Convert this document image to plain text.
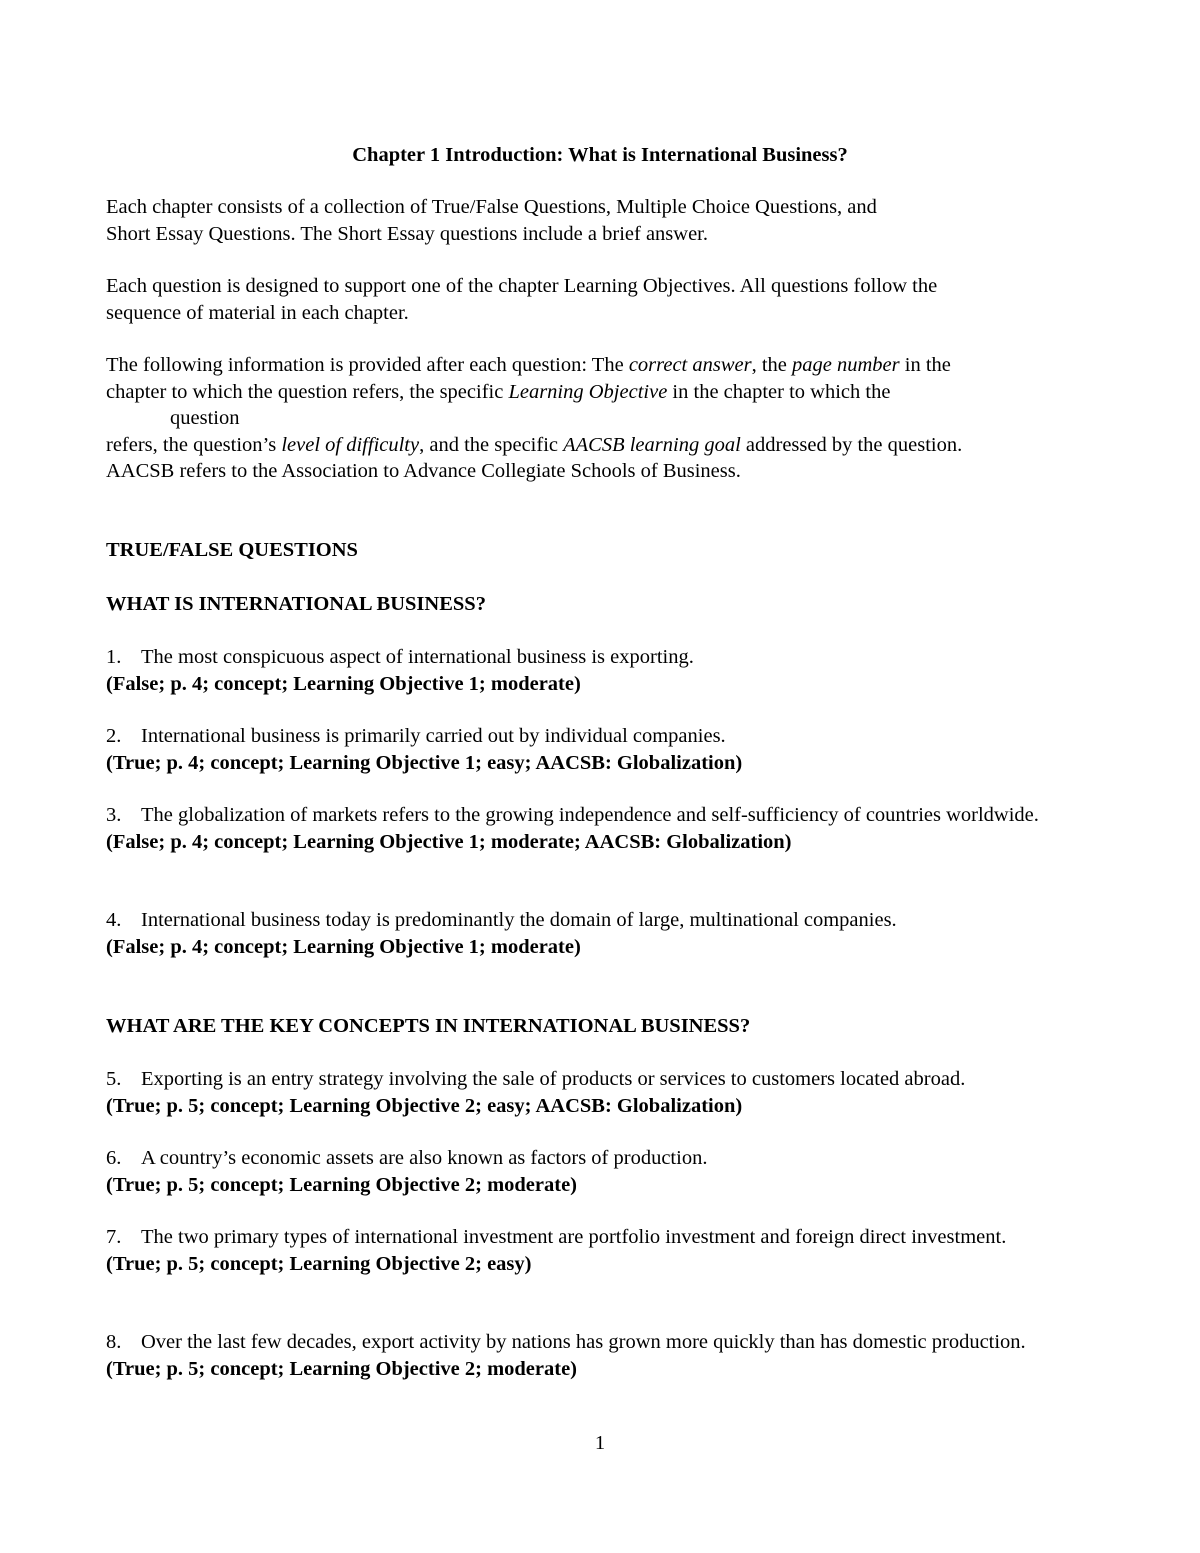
Chapter 1 Introduction: What is International Business?

Each chapter consists of a collection of True/False Questions, Multiple Choice Questions, and
Short Essay Questions. The Short Essay questions include a brief answer.
Each question is designed to support one of the chapter Learning Objectives. All questions follow the
sequence of material in each chapter.
The following information is provided after each question: The correct answer, the page number in the
chapter to which the question refers, the specific Learning Objective in the chapter to which the
question
refers, the question’s level of difficulty, and the specific AACSB learning goal addressed by the question.
AACSB refers to the Association to Advance Collegiate Schools of Business.
TRUE/FALSE QUESTIONS
WHAT IS INTERNATIONAL BUSINESS?
1. The most conspicuous aspect of international business is exporting.
(False; p. 4; concept; Learning Objective 1; moderate)
2. International business is primarily carried out by individual companies.
(True; p. 4; concept; Learning Objective 1; easy; AACSB: Globalization)
3. The globalization of markets refers to the growing independence and self-sufficiency of countries worldwide.
(False; p. 4; concept; Learning Objective 1; moderate; AACSB: Globalization)
4. International business today is predominantly the domain of large, multinational companies.
(False; p. 4; concept; Learning Objective 1; moderate)
WHAT ARE THE KEY CONCEPTS IN INTERNATIONAL BUSINESS?
5. Exporting is an entry strategy involving the sale of products or services to customers located abroad.
(True; p. 5; concept; Learning Objective 2; easy; AACSB: Globalization)
6. A country’s economic assets are also known as factors of production.
(True; p. 5; concept; Learning Objective 2; moderate)
7. The two primary types of international investment are portfolio investment and foreign direct investment.
(True; p. 5; concept; Learning Objective 2; easy)
8. Over the last few decades, export activity by nations has grown more quickly than has domestic production.
(True; p. 5; concept; Learning Objective 2; moderate)
1
